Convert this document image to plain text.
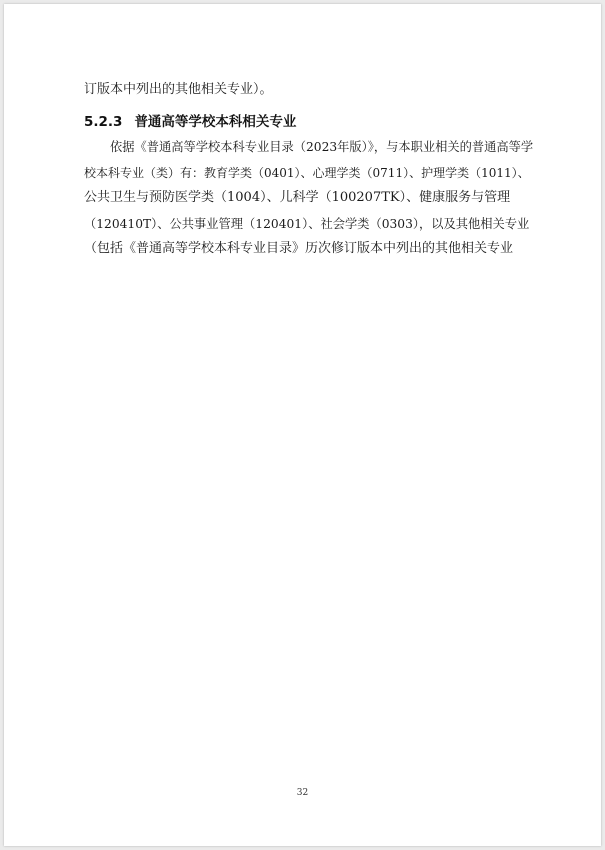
订版本中列出的其他相关专业）。
5.2.3 普通高等学校本科相关专业
依据《普通高等学校本科专业目录（2023年版）》，与本职业相关的普通高等学
校本科专业（类）有：教育学类（0401）、心理学类（0711）、护理学类（1011）、
公共卫生与预防医学类（1004）、儿科学（100207TK）、健康服务与管理
（120410T）、公共事业管理（120401）、社会学类（0303），以及其他相关专业
（包括《普通高等学校本科专业目录》历次修订版本中列出的其他相关专业
32
